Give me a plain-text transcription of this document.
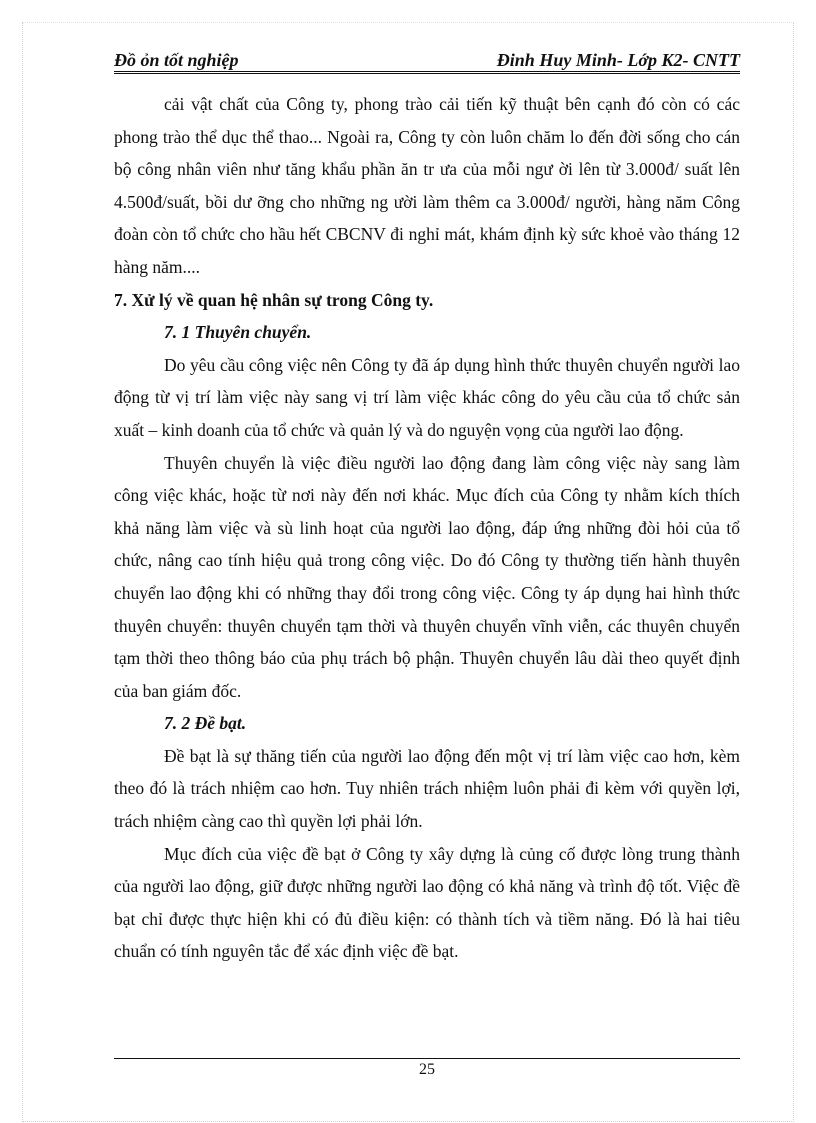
Đồ ỏn tốt nghiệp	Đinh Huy Minh- Lớp K2- CNTT

cải vật chất của Công ty, phong trào cải tiến kỹ thuật bên cạnh đó còn có các phong trào thể dục thể thao... Ngoài ra, Công ty còn luôn chăm lo đến đời sống cho cán bộ công nhân viên như tăng khẩu phần ăn tr ưa của mỗi ngư ời lên từ 3.000đ/ suất lên 4.500đ/suất, bồi dư ỡng cho những ng ười làm thêm ca 3.000đ/ người, hàng năm Công đoàn còn tổ chức cho hầu hết CBCNV đi nghỉ mát, khám định kỳ sức khoẻ vào tháng 12 hàng năm....

7. Xử lý về quan hệ nhân sự trong Công ty.

7. 1 Thuyên chuyển.

Do yêu cầu công việc nên Công ty đã áp dụng hình thức thuyên chuyển người lao động từ vị trí làm việc này sang vị trí làm việc khác công do yêu cầu của tổ chức sản xuất – kinh doanh của tổ chức và quản lý và do nguyện vọng của người lao động.

Thuyên chuyển là việc điều người lao động đang làm công việc này sang làm công việc khác, hoặc từ nơi này đến nơi khác. Mục đích của Công ty nhằm kích thích khả năng làm việc và sù linh hoạt của người lao động, đáp ứng những đòi hỏi của tổ chức, nâng cao tính hiệu quả trong công việc. Do đó Công ty thường tiến hành thuyên chuyển lao động khi có những thay đổi trong công việc. Công ty áp dụng hai hình thức thuyên chuyển: thuyên chuyển tạm thời và thuyên chuyển vĩnh viễn, các thuyên chuyển tạm thời theo thông báo của phụ trách bộ phận. Thuyên chuyển lâu dài theo quyết định của ban giám đốc.

7. 2 Đề bạt.

Đề bạt là sự thăng tiến của người lao động đến một vị trí làm việc cao hơn, kèm theo đó là trách nhiệm cao hơn. Tuy nhiên trách nhiệm luôn phải đi kèm với quyền lợi, trách nhiệm càng cao thì quyền lợi phải lớn.

Mục đích của việc đề bạt ở Công ty xây dựng là củng cố được lòng trung thành của người lao động, giữ được những người lao động có khả năng và trình độ tốt. Việc đề bạt chỉ được thực hiện khi có đủ điều kiện: có thành tích và tiềm năng. Đó là hai tiêu chuẩn có tính nguyên tắc để xác định việc đề bạt.

25
